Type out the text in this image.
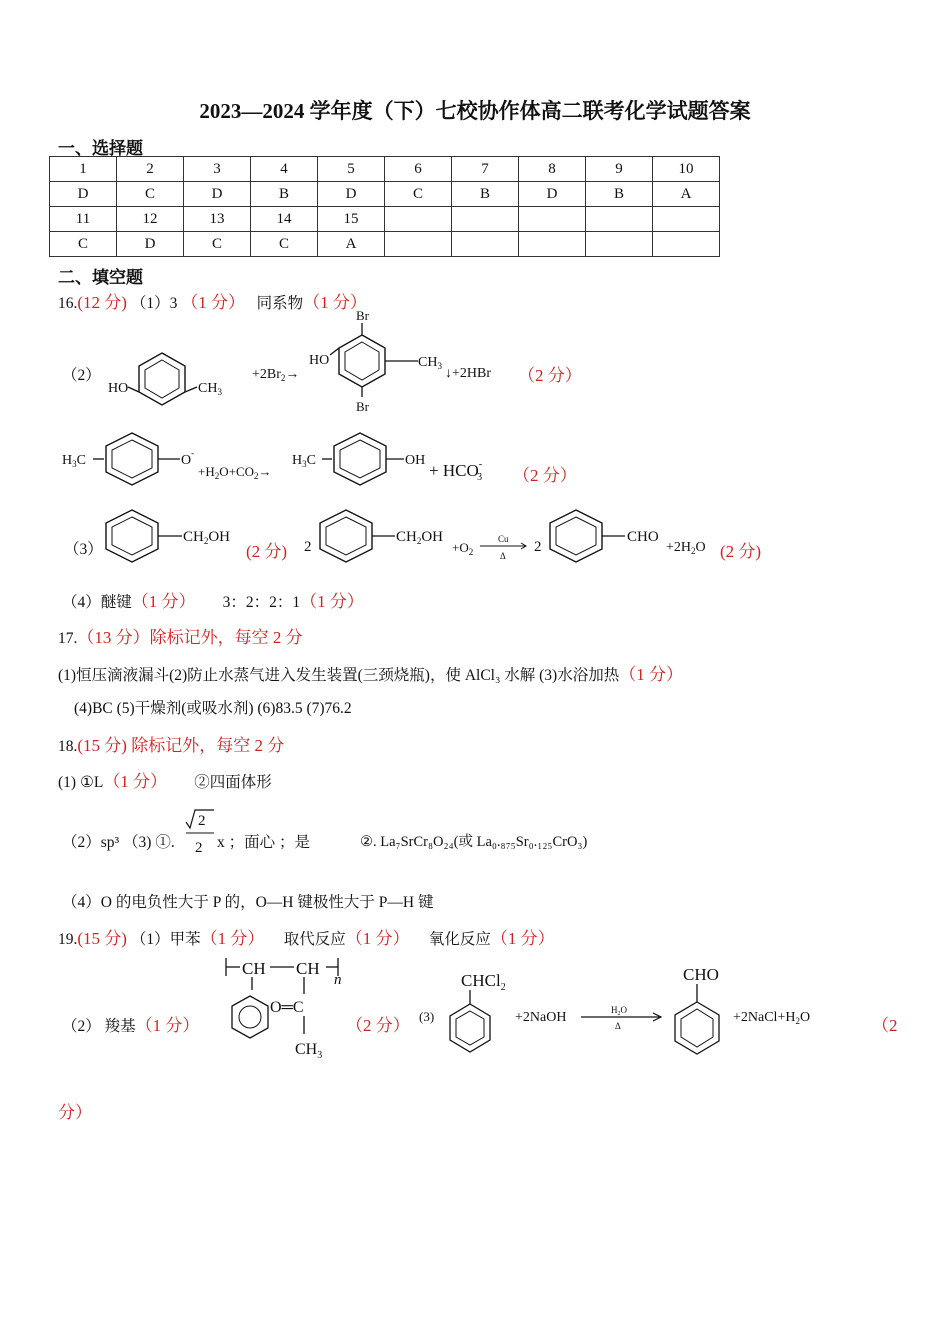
2023—2024 学年度（下）七校协作体高二联考化学试题答案
一、选择题
1	2	3	4	5	6	7	8	9	10
D	C	D	B	D	C	B	D	B	A
11	12	13	14	15					
C	D	C	C	A					
二、填空题
16.(12 分) （1）3 （1 分） 同系物（1 分）
（2）
HO	$CH_3$
$+2Br_2\to$
Br
Br
HO	$CH_3$ ↓+2HBr （2 分）
$H_3C$	O-
$+H_2O+CO_2\to$
$H_3C$	OH
+ HCO-3 （2 分）
（3）
$CH_2OH$
(2 分) 2
$CH_2OH$
$+O_2$
Cu
Δ
2
CHO
$+2H_2O$ (2 分)
（4）醚键（1 分） 3：2：2：1（1 分）
17.（13 分）除标记外，每空 2 分
(1)恒压滴液漏斗(2)防止水蒸气进入发生装置(三颈烧瓶)，使 AlCl₃ 水解 (3)水浴加热（1 分）
(4)BC (5)干燥剂(或吸水剂) (6)83.5 (7)76.2
18.(15 分) 除标记外，每空 2 分
(1) ①L（1 分） ②四面体形
（2）sp³ （3) ①.
2
2 x ；面心 ；是	②. La₇SrCr₈O₂₄(或 La₀.₈₇₅Sr₀.₁₂₅CrO₃)
（4）O 的电负性大于 P 的，O—H 键极性大于 P—H 键
19.(15 分) （1）甲苯（1 分） 取代反应（1 分） 氧化反应（1 分）
（2） 羧基（1 分）
CH CH
n
O═C
$CH_3$
（2 分） (3)
CHCl$_2$
+2NaOH	$H_2O$
Δ
CHO
$+2NaCl+H_2O$	（2
分）
